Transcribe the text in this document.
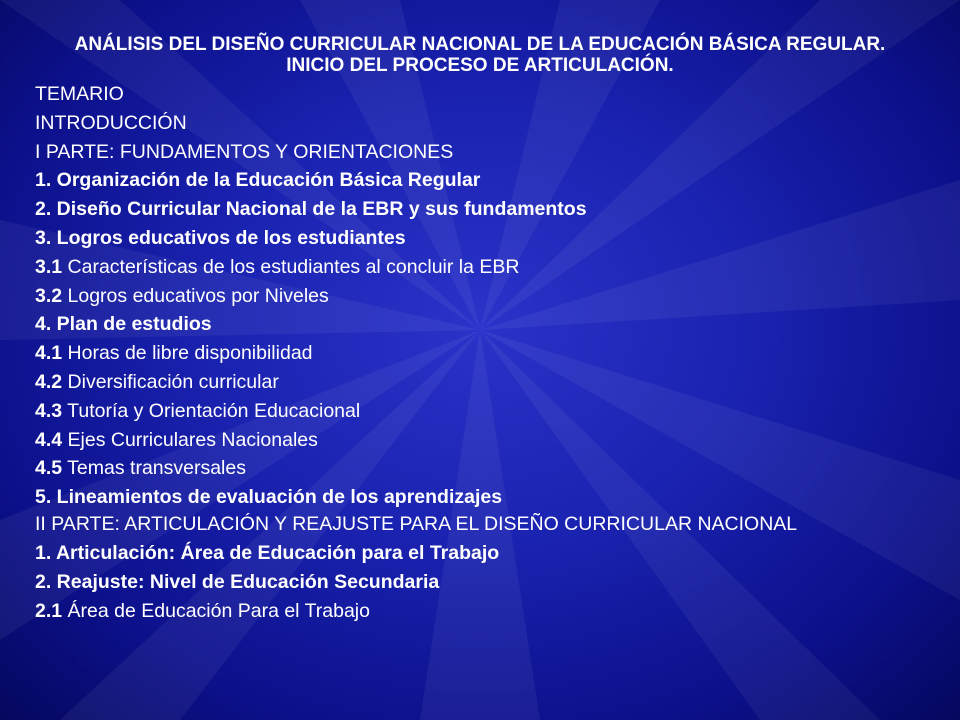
ANÁLISIS DEL DISEÑO CURRICULAR NACIONAL DE LA EDUCACIÓN BÁSICA REGULAR. INICIO DEL PROCESO DE ARTICULACIÓN.
TEMARIO
INTRODUCCIÓN
I PARTE: FUNDAMENTOS Y ORIENTACIONES
1. Organización de la Educación Básica Regular
2. Diseño Curricular Nacional de la EBR y sus fundamentos
3. Logros educativos de los estudiantes
3.1 Características de los estudiantes al concluir la EBR
3.2 Logros educativos por Niveles
4. Plan de estudios
4.1 Horas de libre disponibilidad
4.2 Diversificación curricular
4.3 Tutoría y Orientación Educacional
4.4 Ejes Curriculares Nacionales
4.5 Temas transversales
5. Lineamientos de evaluación de los aprendizajes
II PARTE: ARTICULACIÓN Y REAJUSTE PARA EL DISEÑO CURRICULAR NACIONAL
1. Articulación: Área de Educación para el Trabajo
2. Reajuste: Nivel de Educación Secundaria
2.1 Área de Educación Para el Trabajo
